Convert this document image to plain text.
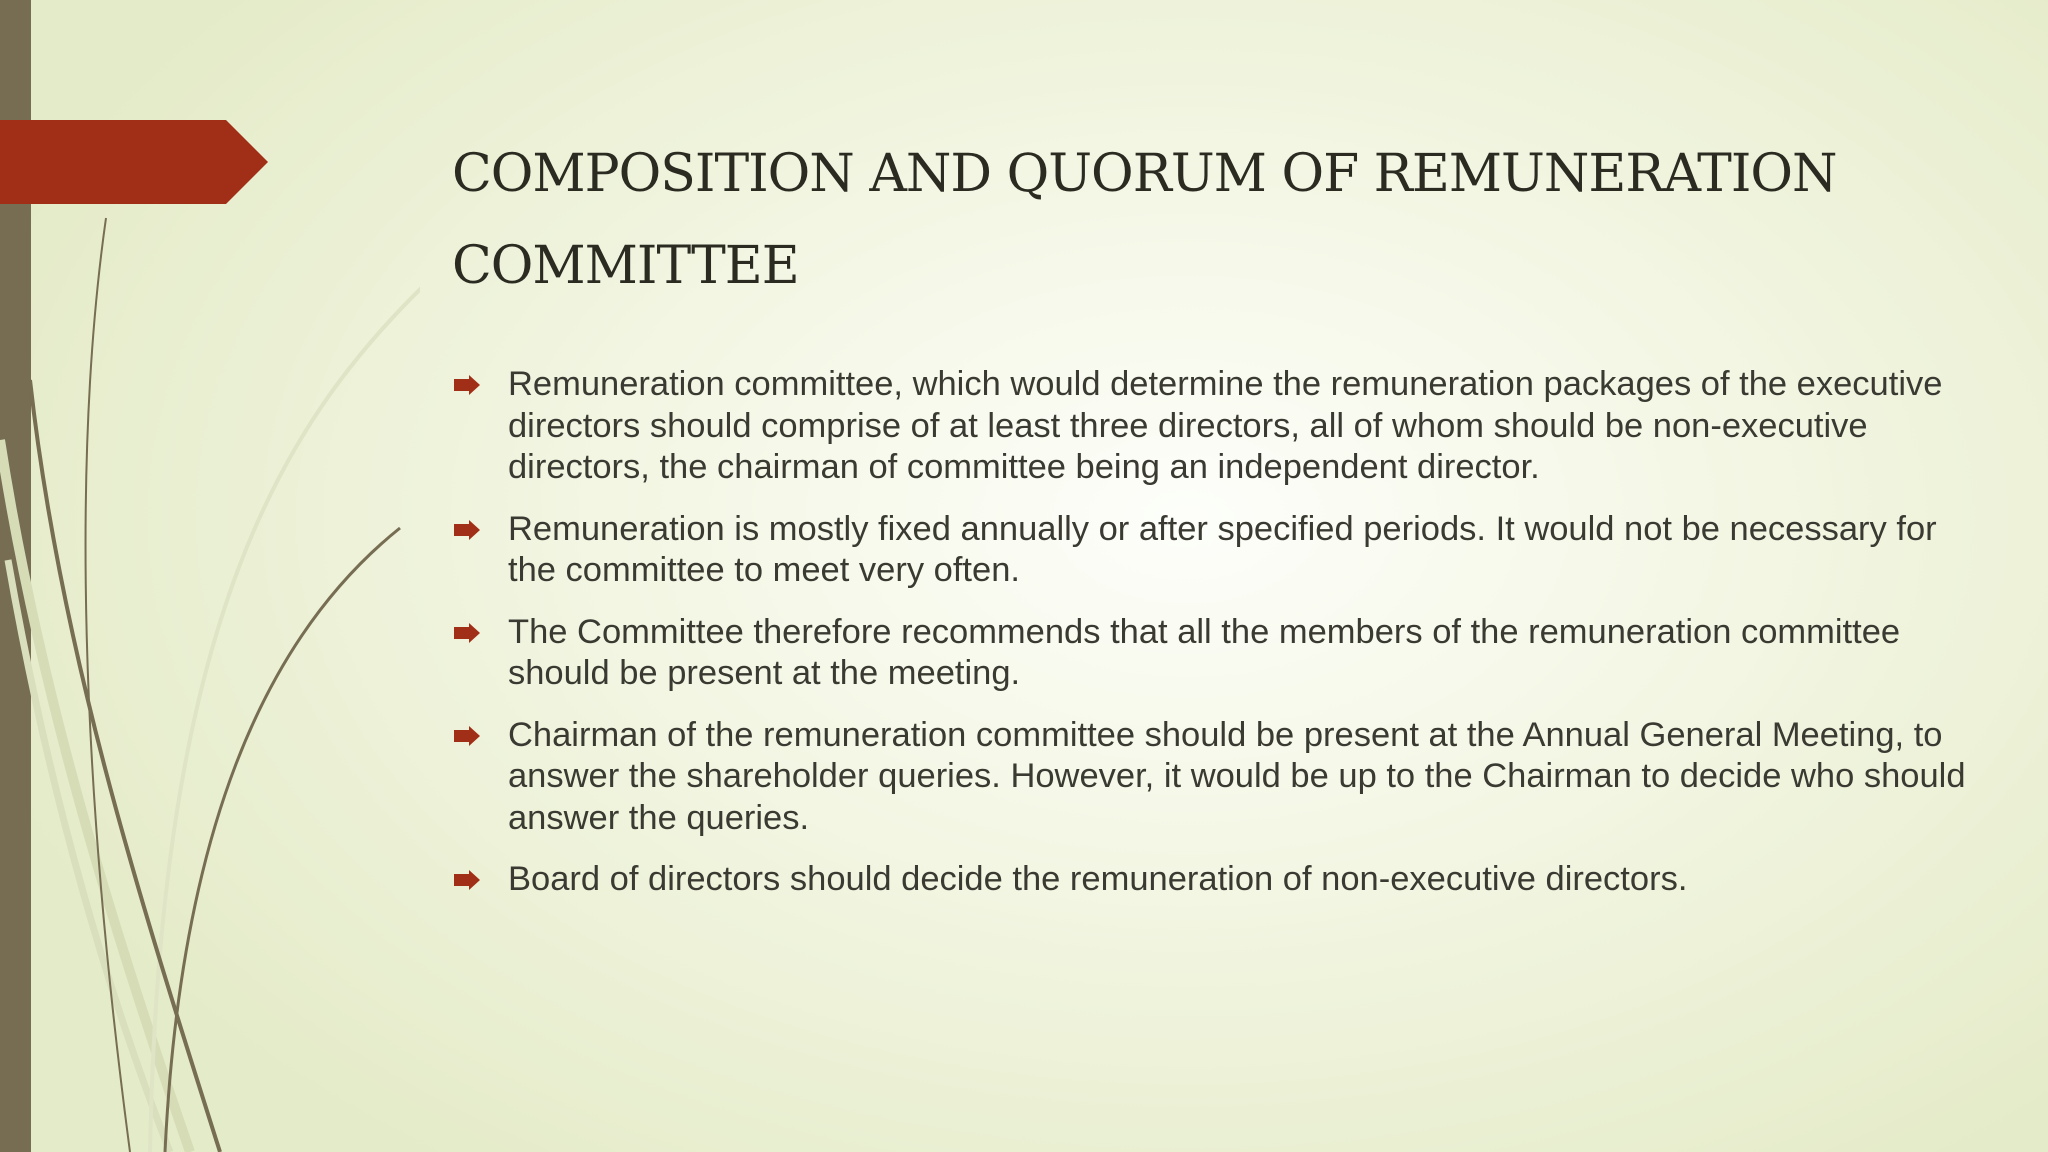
COMPOSITION AND QUORUM OF REMUNERATION
COMMITTEE
Remuneration committee, which would determine the remuneration packages of the executive directors should comprise of at least three directors, all of whom should be non-executive directors, the chairman of committee being an independent director.
Remuneration is mostly fixed annually or after specified periods. It would not be necessary for the committee to meet very often.
The Committee therefore recommends that all the members of the remuneration committee should be present at the meeting.
Chairman of the remuneration committee should be present at the Annual General Meeting, to answer the shareholder queries. However, it would be up to the Chairman to decide who should answer the queries.
Board of directors should decide the remuneration of non-executive directors.
